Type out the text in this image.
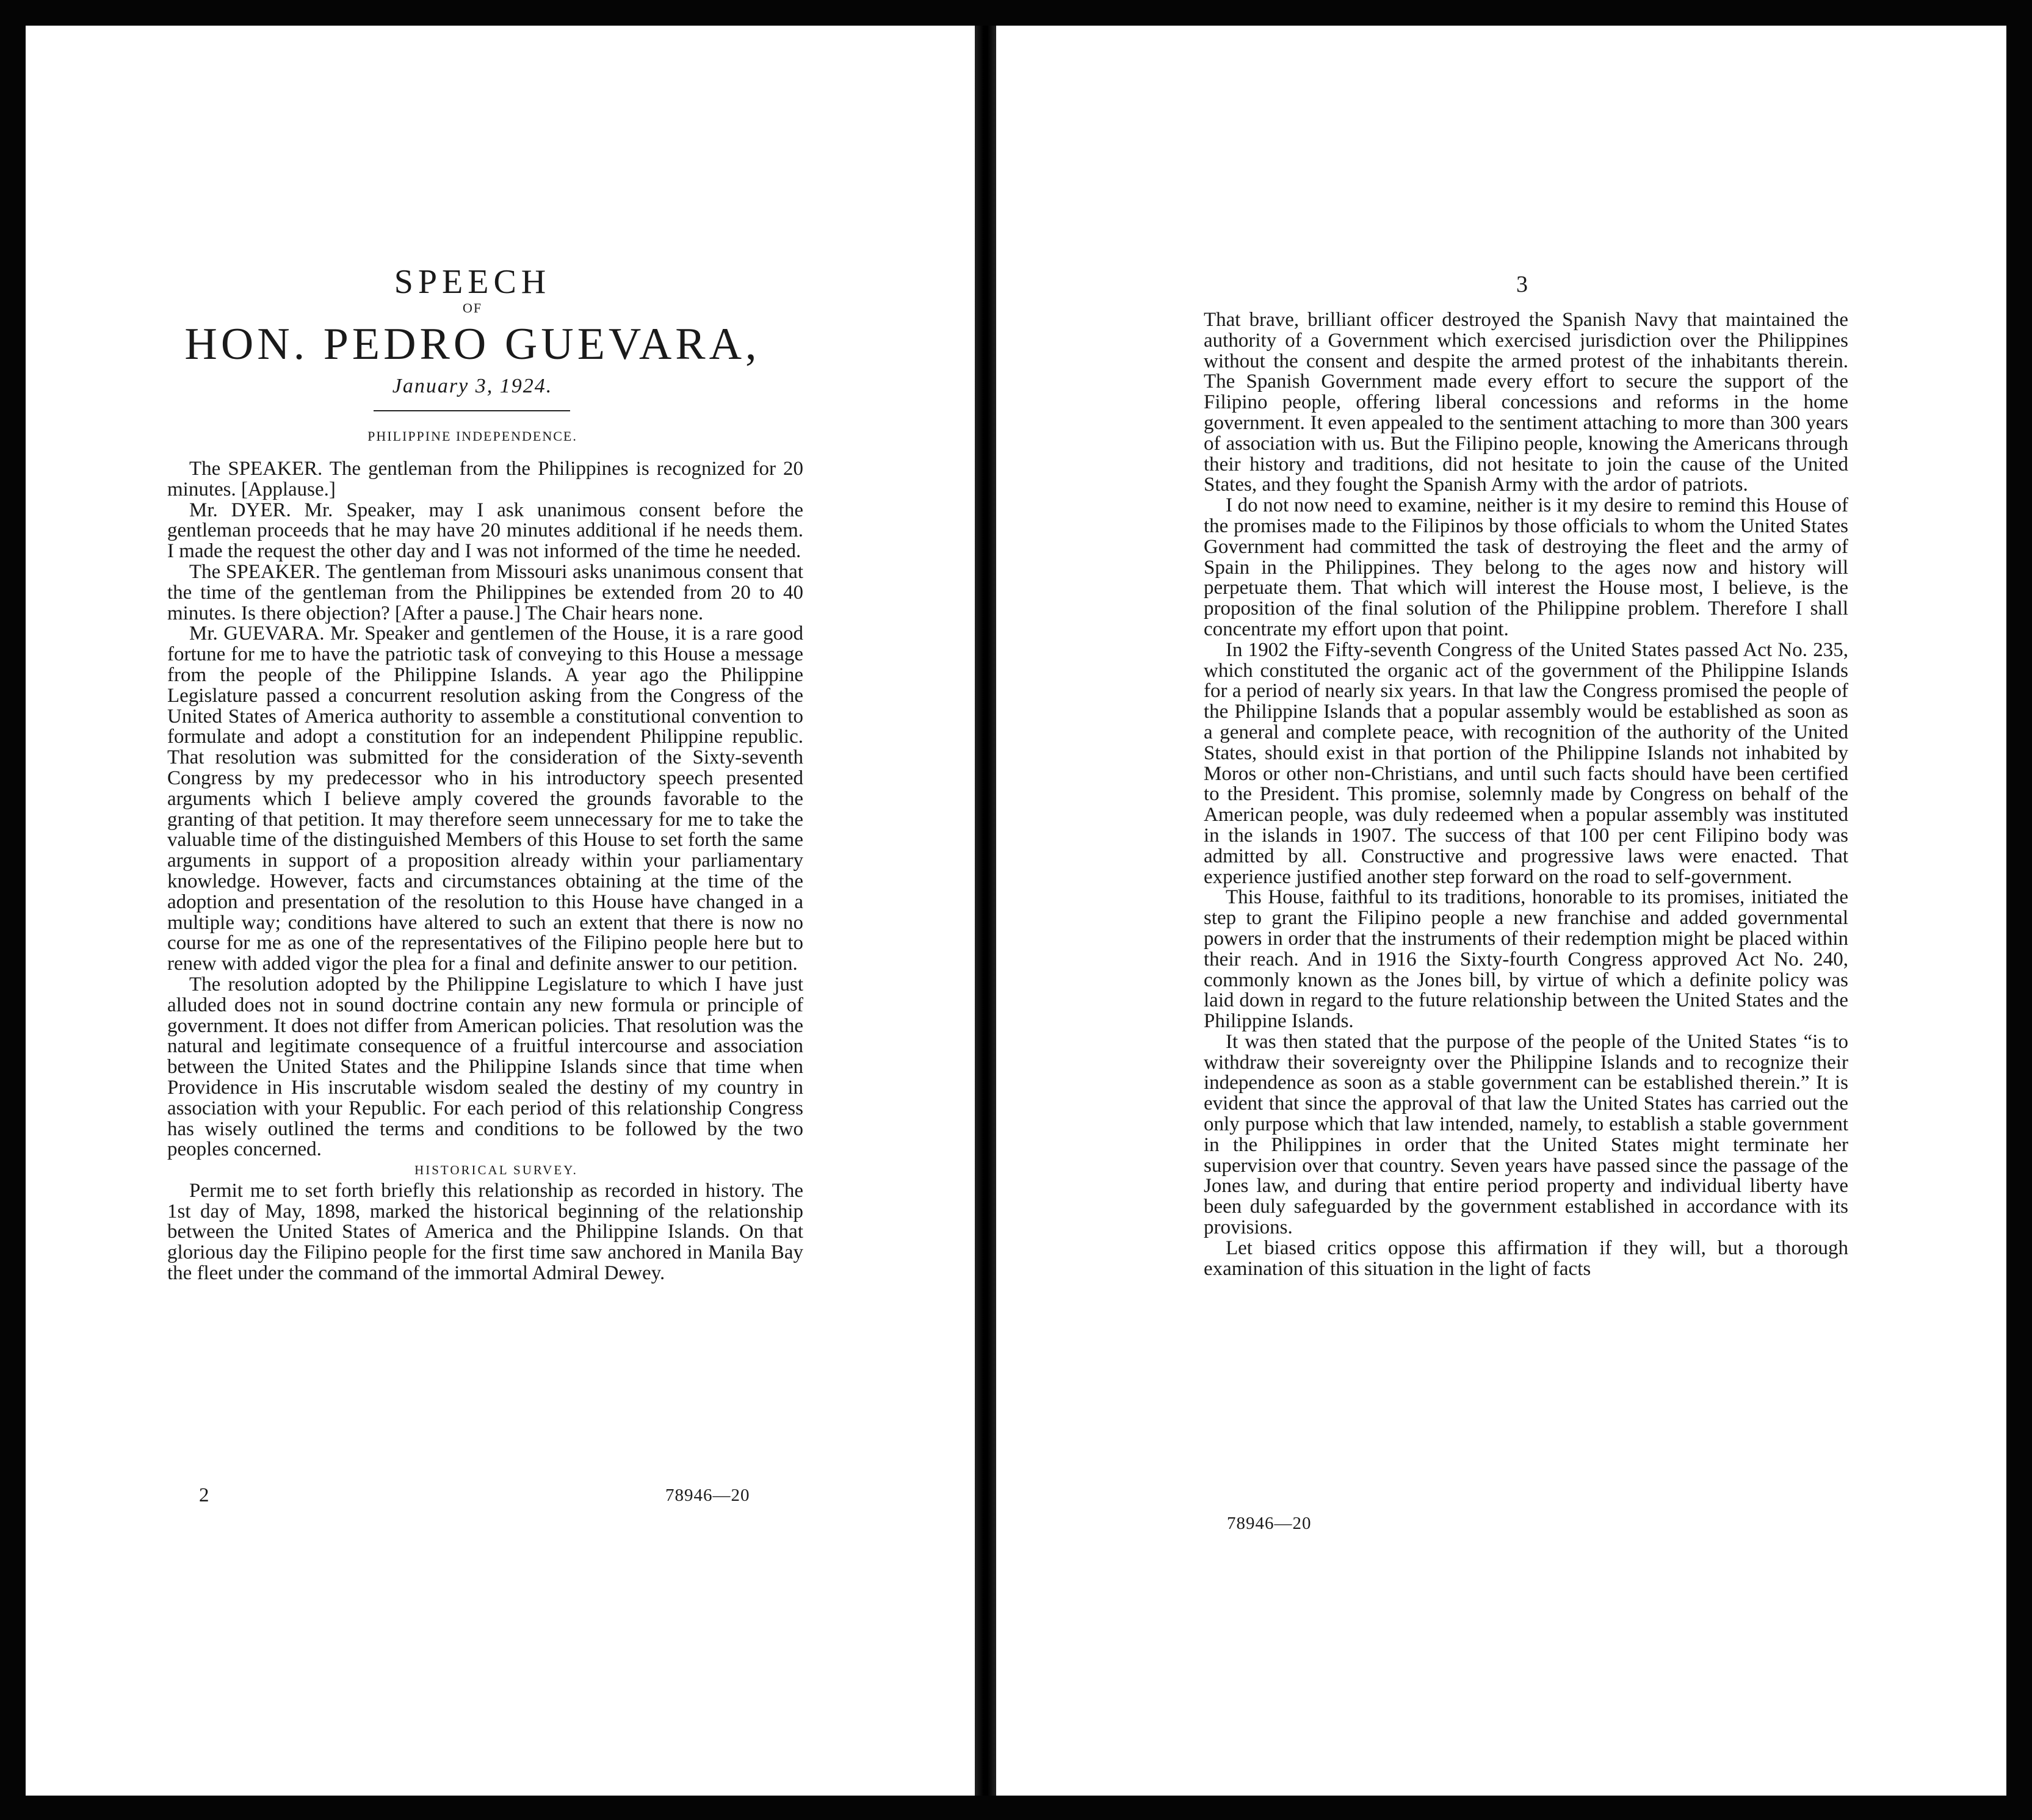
SPEECH
OF
HON. PEDRO GUEVARA,
January 3, 1924.
PHILIPPINE INDEPENDENCE.

The SPEAKER. The gentleman from the Philippines is recognized for 20 minutes. [Applause.]

Mr. DYER. Mr. Speaker, may I ask unanimous consent before the gentleman proceeds that he may have 20 minutes additional if he needs them. I made the request the other day and I was not informed of the time he needed.

The SPEAKER. The gentleman from Missouri asks unanimous consent that the time of the gentleman from the Philippines be extended from 20 to 40 minutes. Is there objection? [After a pause.] The Chair hears none.

Mr. GUEVARA. Mr. Speaker and gentlemen of the House, it is a rare good fortune for me to have the patriotic task of conveying to this House a message from the people of the Philippine Islands. A year ago the Philippine Legislature passed a concurrent resolution asking from the Congress of the United States of America authority to assemble a constitutional convention to formulate and adopt a constitution for an independent Philippine republic. That resolution was submitted for the consideration of the Sixty-seventh Congress by my predecessor who in his introductory speech presented arguments which I believe amply covered the grounds favorable to the granting of that petition. It may therefore seem unnecessary for me to take the valuable time of the distinguished Members of this House to set forth the same arguments in support of a proposition already within your parliamentary knowledge. However, facts and circumstances obtaining at the time of the adoption and presentation of the resolution to this House have changed in a multiple way; conditions have altered to such an extent that there is now no course for me as one of the representatives of the Filipino people here but to renew with added vigor the plea for a final and definite answer to our petition.

The resolution adopted by the Philippine Legislature to which I have just alluded does not in sound doctrine contain any new formula or principle of government. It does not differ from American policies. That resolution was the natural and legitimate consequence of a fruitful intercourse and association between the United States and the Philippine Islands since that time when Providence in His inscrutable wisdom sealed the destiny of my country in association with your Republic. For each period of this relationship Congress has wisely outlined the terms and conditions to be followed by the two peoples concerned.

HISTORICAL SURVEY.

Permit me to set forth briefly this relationship as recorded in history. The 1st day of May, 1898, marked the historical beginning of the relationship between the United States of America and the Philippine Islands. On that glorious day the Filipino people for the first time saw anchored in Manila Bay the fleet under the command of the immortal Admiral Dewey.

2	78946—20
3

That brave, brilliant officer destroyed the Spanish Navy that maintained the authority of a Government which exercised jurisdiction over the Philippines without the consent and despite the armed protest of the inhabitants therein. The Spanish Government made every effort to secure the support of the Filipino people, offering liberal concessions and reforms in the home government. It even appealed to the sentiment attaching to more than 300 years of association with us. But the Filipino people, knowing the Americans through their history and traditions, did not hesitate to join the cause of the United States, and they fought the Spanish Army with the ardor of patriots.

I do not now need to examine, neither is it my desire to remind this House of the promises made to the Filipinos by those officials to whom the United States Government had committed the task of destroying the fleet and the army of Spain in the Philippines. They belong to the ages now and history will perpetuate them. That which will interest the House most, I believe, is the proposition of the final solution of the Philippine problem. Therefore I shall concentrate my effort upon that point.

In 1902 the Fifty-seventh Congress of the United States passed Act No. 235, which constituted the organic act of the government of the Philippine Islands for a period of nearly six years. In that law the Congress promised the people of the Philippine Islands that a popular assembly would be established as soon as a general and complete peace, with recognition of the authority of the United States, should exist in that portion of the Philippine Islands not inhabited by Moros or other non-Christians, and until such facts should have been certified to the President. This promise, solemnly made by Congress on behalf of the American people, was duly redeemed when a popular assembly was instituted in the islands in 1907. The success of that 100 per cent Filipino body was admitted by all. Constructive and progressive laws were enacted. That experience justified another step forward on the road to self-government.

This House, faithful to its traditions, honorable to its promises, initiated the step to grant the Filipino people a new franchise and added governmental powers in order that the instruments of their redemption might be placed within their reach. And in 1916 the Sixty-fourth Congress approved Act No. 240, commonly known as the Jones bill, by virtue of which a definite policy was laid down in regard to the future relationship between the United States and the Philippine Islands.

It was then stated that the purpose of the people of the United States “is to withdraw their sovereignty over the Philippine Islands and to recognize their independence as soon as a stable government can be established therein.” It is evident that since the approval of that law the United States has carried out the only purpose which that law intended, namely, to establish a stable government in the Philippines in order that the United States might terminate her supervision over that country. Seven years have passed since the passage of the Jones law, and during that entire period property and individual liberty have been duly safeguarded by the government established in accordance with its provisions.

Let biased critics oppose this affirmation if they will, but a thorough examination of this situation in the light of facts

78946—20
